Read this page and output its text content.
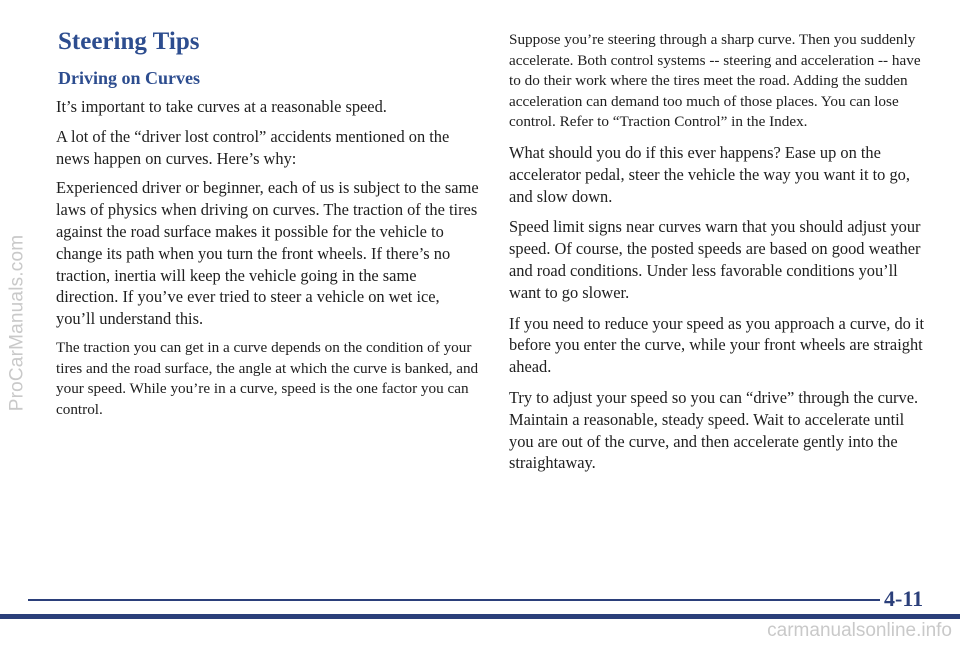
ProCarManuals.com
Steering Tips
Driving on Curves

It’s important to take curves at a reasonable speed.

A lot of the “driver lost control” accidents mentioned on the news happen on curves. Here’s why:

Experienced driver or beginner, each of us is subject to the same laws of physics when driving on curves. The traction of the tires against the road surface makes it possible for the vehicle to change its path when you turn the front wheels. If there’s no traction, inertia will keep the vehicle going in the same direction. If you’ve ever tried to steer a vehicle on wet ice, you’ll understand this.

The traction you can get in a curve depends on the condition of your tires and the road surface, the angle at which the curve is banked, and your speed. While you’re in a curve, speed is the one factor you can control.

Suppose you’re steering through a sharp curve. Then you suddenly accelerate. Both control systems -- steering and acceleration -- have to do their work where the tires meet the road. Adding the sudden acceleration can demand too much of those places. You can lose control. Refer to “Traction Control” in the Index.

What should you do if this ever happens? Ease up on the accelerator pedal, steer the vehicle the way you want it to go, and slow down.

Speed limit signs near curves warn that you should adjust your speed. Of course, the posted speeds are based on good weather and road conditions. Under less favorable conditions you’ll want to go slower.

If you need to reduce your speed as you approach a curve, do it before you enter the curve, while your front wheels are straight ahead.

Try to adjust your speed so you can “drive” through the curve. Maintain a reasonable, steady speed. Wait to accelerate until you are out of the curve, and then accelerate gently into the straightaway.

4-11
carmanualsonline.info
